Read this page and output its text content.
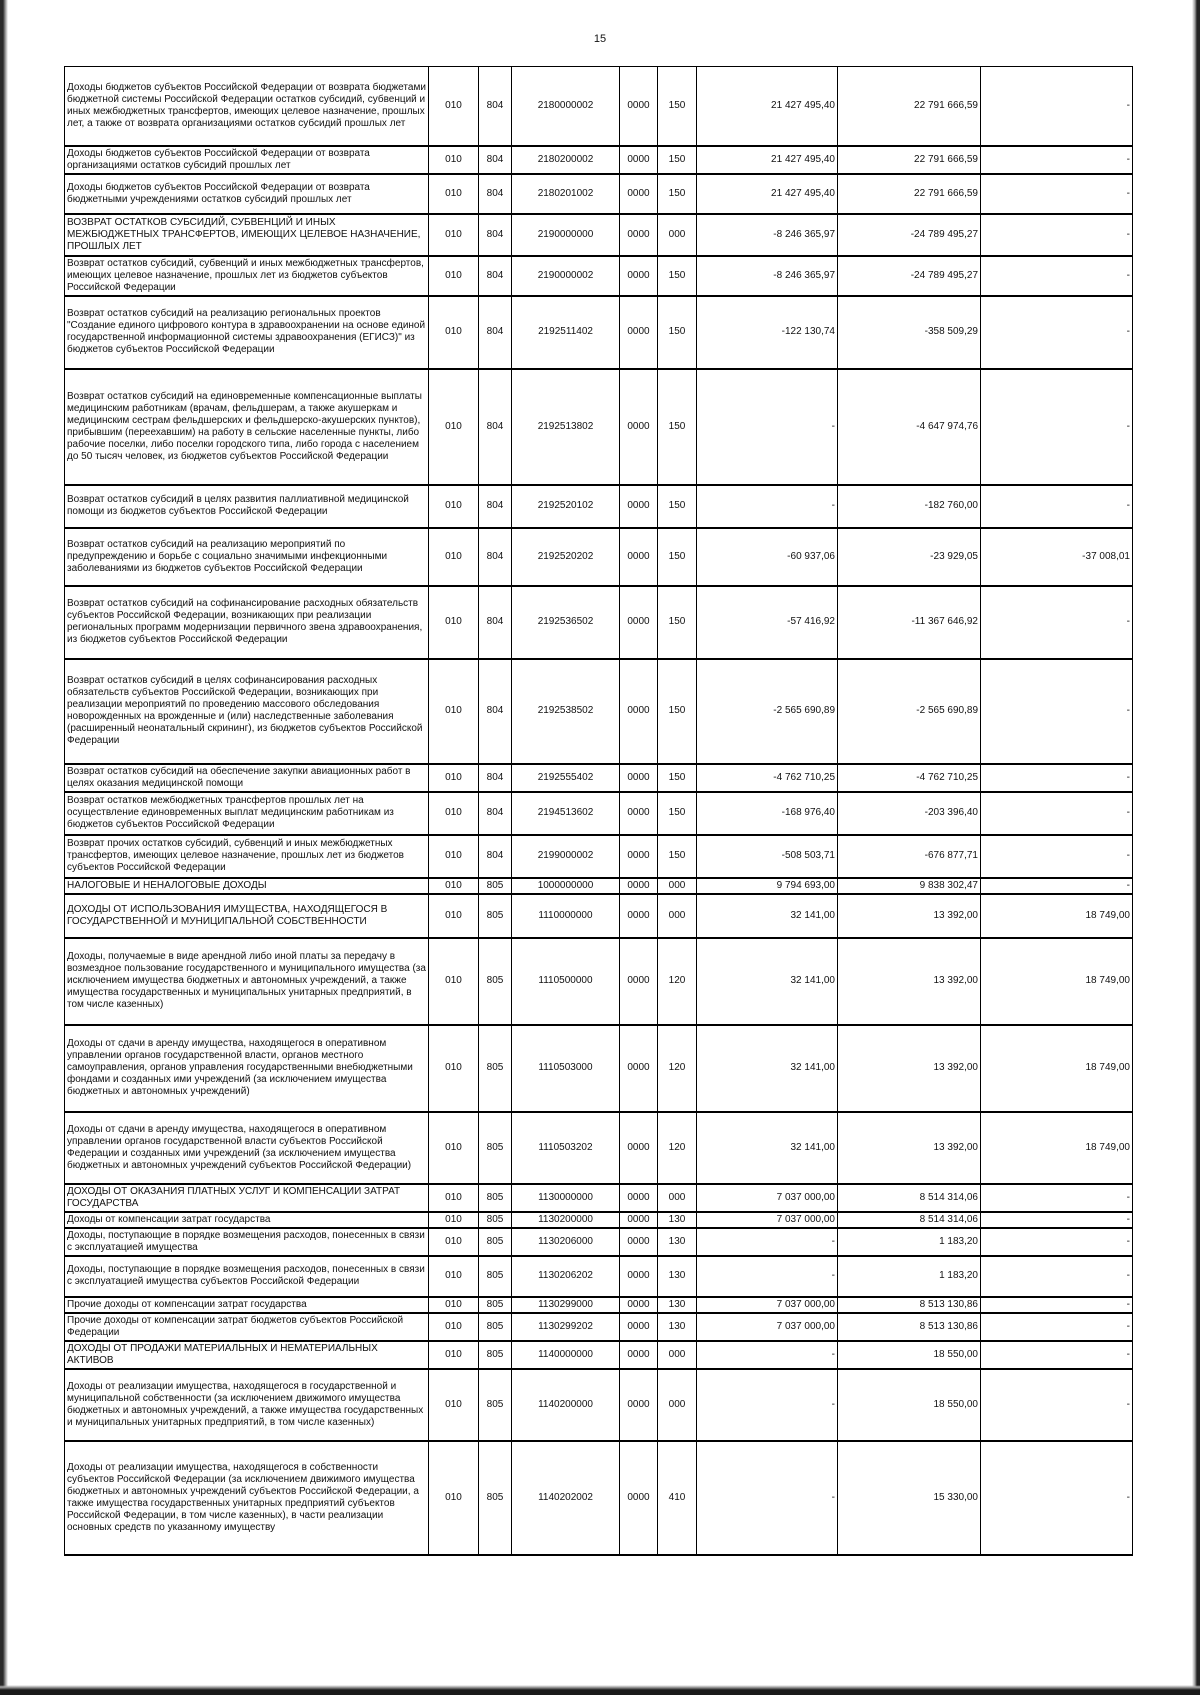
15
Доходы бюджетов субъектов Российской Федерации от возврата бюджетами бюджетной системы Российской Федерации остатков субсидий, субвенций и иных межбюджетных трансфертов, имеющих целевое назначение, прошлых лет, а также от возврата организациями остатков субсидий прошлых лет	010	804	2180000002	0000	150	21 427 495,40	22 791 666,59	-
Доходы бюджетов субъектов Российской Федерации от возврата организациями остатков субсидий прошлых лет	010	804	2180200002	0000	150	21 427 495,40	22 791 666,59	-
Доходы бюджетов субъектов Российской Федерации от возврата бюджетными учреждениями остатков субсидий прошлых лет	010	804	2180201002	0000	150	21 427 495,40	22 791 666,59	-
ВОЗВРАТ ОСТАТКОВ СУБСИДИЙ, СУБВЕНЦИЙ И ИНЫХ МЕЖБЮДЖЕТНЫХ ТРАНСФЕРТОВ, ИМЕЮЩИХ ЦЕЛЕВОЕ НАЗНАЧЕНИЕ, ПРОШЛЫХ ЛЕТ	010	804	2190000000	0000	000	-8 246 365,97	-24 789 495,27	-
Возврат остатков субсидий, субвенций и иных межбюджетных трансфертов, имеющих целевое назначение, прошлых лет из бюджетов субъектов Российской Федерации	010	804	2190000002	0000	150	-8 246 365,97	-24 789 495,27	-
Возврат остатков субсидий на реализацию региональных проектов "Создание единого цифрового контура в здравоохранении на основе единой государственной информационной системы здравоохранения (ЕГИСЗ)" из бюджетов субъектов Российской Федерации	010	804	2192511402	0000	150	-122 130,74	-358 509,29	-
Возврат остатков субсидий на единовременные компенсационные выплаты медицинским работникам (врачам, фельдшерам, а также акушеркам и медицинским сестрам фельдшерских и фельдшерско-акушерских пунктов), прибывшим (переехавшим) на работу в сельские населенные пункты, либо рабочие поселки, либо поселки городского типа, либо города с населением до 50 тысяч человек, из бюджетов субъектов Российской Федерации	010	804	2192513802	0000	150	-	-4 647 974,76	-
Возврат остатков субсидий в целях развития паллиативной медицинской помощи из бюджетов субъектов Российской Федерации	010	804	2192520102	0000	150	-	-182 760,00	-
Возврат остатков субсидий на реализацию мероприятий по предупреждению и борьбе с социально значимыми инфекционными заболеваниями из бюджетов субъектов Российской Федерации	010	804	2192520202	0000	150	-60 937,06	-23 929,05	-37 008,01
Возврат остатков субсидий на софинансирование расходных обязательств субъектов Российской Федерации, возникающих при реализации региональных программ модернизации первичного звена здравоохранения, из бюджетов субъектов Российской Федерации	010	804	2192536502	0000	150	-57 416,92	-11 367 646,92	-
Возврат остатков субсидий в целях софинансирования расходных обязательств субъектов Российской Федерации, возникающих при реализации мероприятий по проведению массового обследования новорожденных на врожденные и (или) наследственные заболевания (расширенный неонатальный скрининг), из бюджетов субъектов Российской Федерации	010	804	2192538502	0000	150	-2 565 690,89	-2 565 690,89	-
Возврат остатков субсидий на обеспечение закупки авиационных работ в целях оказания медицинской помощи	010	804	2192555402	0000	150	-4 762 710,25	-4 762 710,25	-
Возврат остатков межбюджетных трансфертов прошлых лет на осуществление единовременных выплат медицинским работникам из бюджетов субъектов Российской Федерации	010	804	2194513602	0000	150	-168 976,40	-203 396,40	-
Возврат прочих остатков субсидий, субвенций и иных межбюджетных трансфертов, имеющих целевое назначение, прошлых лет из бюджетов субъектов Российской Федерации	010	804	2199000002	0000	150	-508 503,71	-676 877,71	-
НАЛОГОВЫЕ И НЕНАЛОГОВЫЕ ДОХОДЫ	010	805	1000000000	0000	000	9 794 693,00	9 838 302,47	-
ДОХОДЫ ОТ ИСПОЛЬЗОВАНИЯ ИМУЩЕСТВА, НАХОДЯЩЕГОСЯ В ГОСУДАРСТВЕННОЙ И МУНИЦИПАЛЬНОЙ СОБСТВЕННОСТИ	010	805	1110000000	0000	000	32 141,00	13 392,00	18 749,00
Доходы, получаемые в виде арендной либо иной платы за передачу в возмездное пользование государственного и муниципального имущества (за исключением имущества бюджетных и автономных учреждений, а также имущества государственных и муниципальных унитарных предприятий, в том числе казенных)	010	805	1110500000	0000	120	32 141,00	13 392,00	18 749,00
Доходы от сдачи в аренду имущества, находящегося в оперативном управлении органов государственной власти, органов местного самоуправления, органов управления государственными внебюджетными фондами и созданных ими учреждений (за исключением имущества бюджетных и автономных учреждений)	010	805	1110503000	0000	120	32 141,00	13 392,00	18 749,00
Доходы от сдачи в аренду имущества, находящегося в оперативном управлении органов государственной власти субъектов Российской Федерации и созданных ими учреждений (за исключением имущества бюджетных и автономных учреждений субъектов Российской Федерации)	010	805	1110503202	0000	120	32 141,00	13 392,00	18 749,00
ДОХОДЫ ОТ ОКАЗАНИЯ ПЛАТНЫХ УСЛУГ И КОМПЕНСАЦИИ ЗАТРАТ ГОСУДАРСТВА	010	805	1130000000	0000	000	7 037 000,00	8 514 314,06	-
Доходы от компенсации затрат государства	010	805	1130200000	0000	130	7 037 000,00	8 514 314,06	-
Доходы, поступающие в порядке возмещения расходов, понесенных в связи с эксплуатацией имущества	010	805	1130206000	0000	130	-	1 183,20	-
Доходы, поступающие в порядке возмещения расходов, понесенных в связи с эксплуатацией имущества субъектов Российской Федерации	010	805	1130206202	0000	130	-	1 183,20	-
Прочие доходы от компенсации затрат государства	010	805	1130299000	0000	130	7 037 000,00	8 513 130,86	-
Прочие доходы от компенсации затрат бюджетов субъектов Российской Федерации	010	805	1130299202	0000	130	7 037 000,00	8 513 130,86	-
ДОХОДЫ ОТ ПРОДАЖИ МАТЕРИАЛЬНЫХ И НЕМАТЕРИАЛЬНЫХ АКТИВОВ	010	805	1140000000	0000	000	-	18 550,00	-
Доходы от реализации имущества, находящегося в государственной и муниципальной собственности (за исключением движимого имущества бюджетных и автономных учреждений, а также имущества государственных и муниципальных унитарных предприятий, в том числе казенных)	010	805	1140200000	0000	000	-	18 550,00	-
Доходы от реализации имущества, находящегося в собственности субъектов Российской Федерации (за исключением движимого имущества бюджетных и автономных учреждений субъектов Российской Федерации, а также имущества государственных унитарных предприятий субъектов Российской Федерации, в том числе казенных), в части реализации основных средств по указанному имуществу	010	805	1140202002	0000	410	-	15 330,00	-
